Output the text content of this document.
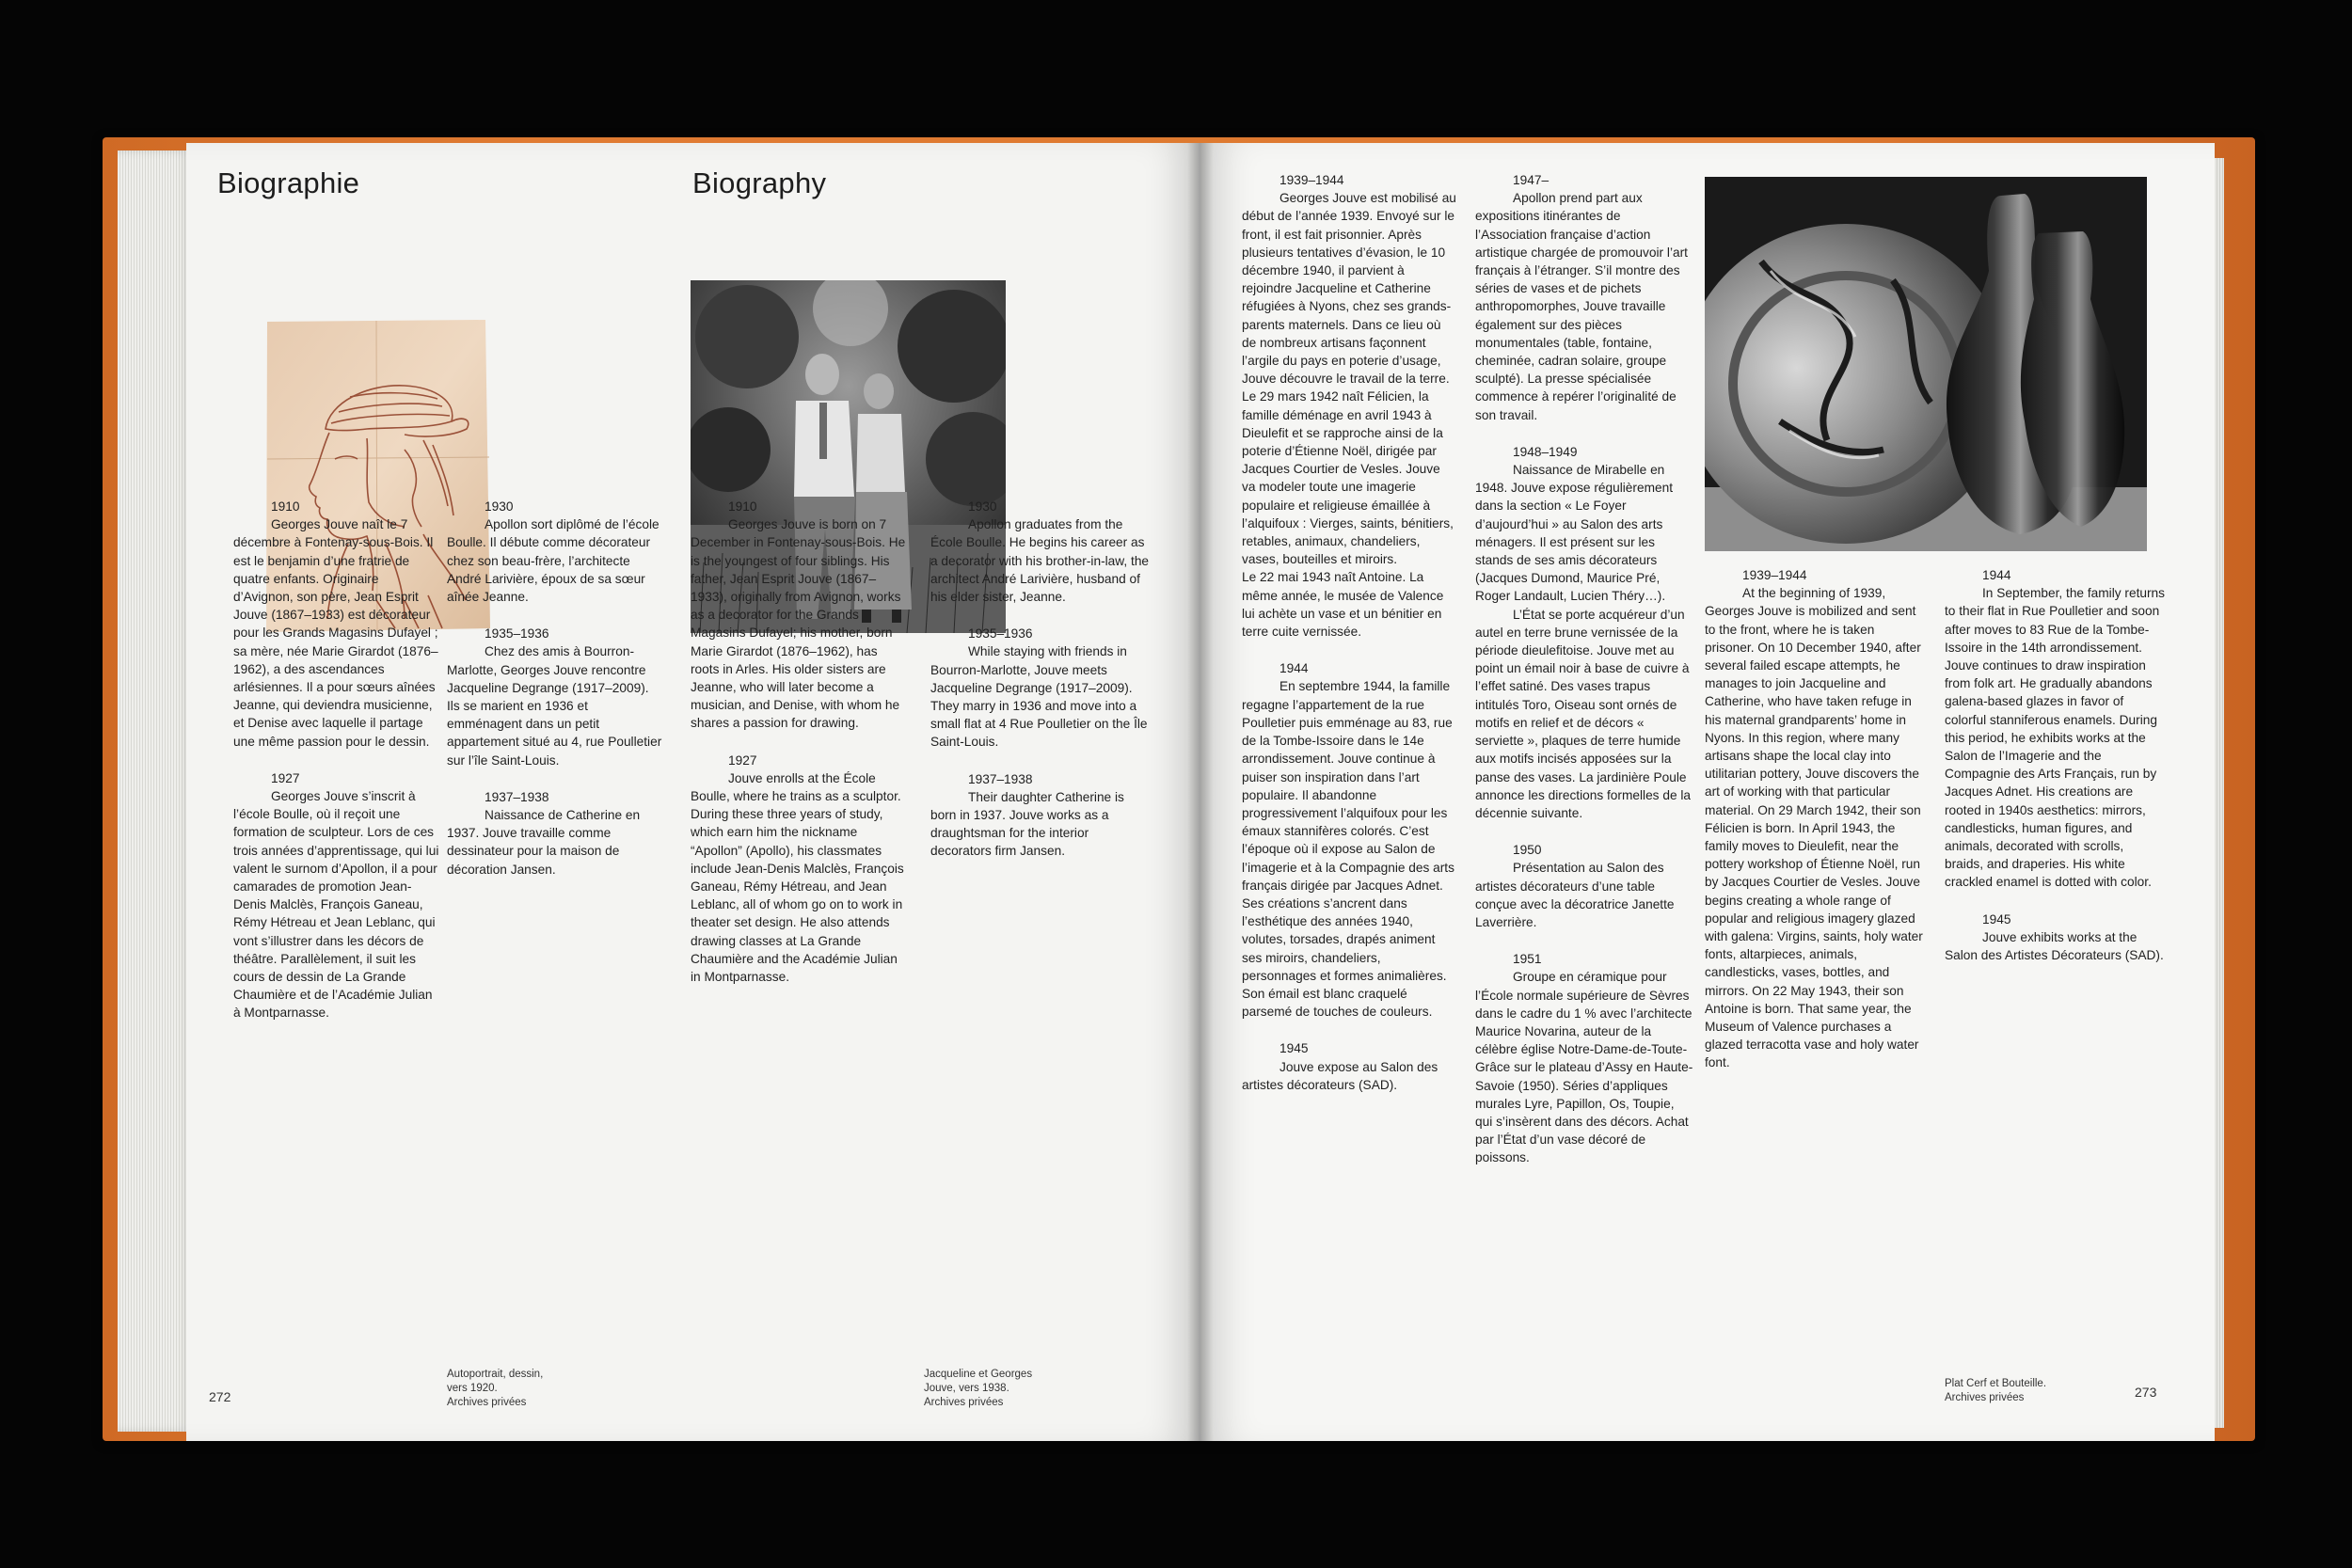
Biographie	Biography
1910

Georges Jouve naît le 7 décembre à Fontenay-sous-Bois. Il est le benjamin d’une fratrie de quatre enfants. Originaire d’Avignon, son père, Jean Esprit Jouve (1867–1933) est décorateur pour les Grands Magasins Dufayel ; sa mère, née Marie Girardot (1876–1962), a des ascendances arlésiennes. Il a pour sœurs aînées Jeanne, qui deviendra musicienne, et Denise avec laquelle il partage une même passion pour le dessin.

1927

Georges Jouve s’inscrit à l’école Boulle, où il reçoit une formation de sculpteur. Lors de ces trois années d’apprentissage, qui lui valent le surnom d’Apollon, il a pour camarades de promotion Jean-Denis Malclès, François Ganeau, Rémy Hétreau et Jean Leblanc, qui vont s’illustrer dans les décors de théâtre. Parallèlement, il suit les cours de dessin de La Grande Chaumière et de l’Académie Julian à Montparnasse.

1930

Apollon sort diplômé de l’école Boulle. Il débute comme décorateur chez son beau-frère, l’architecte André Larivière, époux de sa sœur aînée Jeanne.

1935–1936

Chez des amis à Bourron-Marlotte, Georges Jouve rencontre Jacqueline Degrange (1917–2009). Ils se marient en 1936 et emménagent dans un petit appartement situé au 4, rue Poulletier sur l’île Saint-Louis.

1937–1938

Naissance de Catherine en 1937. Jouve travaille comme dessinateur pour la maison de décoration Jansen.

1910

Georges Jouve is born on 7 December in Fontenay-sous-Bois. He is the youngest of four siblings. His father, Jean Esprit Jouve (1867–1933), originally from Avignon, works as a decorator for the Grands Magasins Dufayel; his mother, born Marie Girardot (1876–1962), has roots in Arles. His older sisters are Jeanne, who will later become a musician, and Denise, with whom he shares a passion for drawing.

1927

Jouve enrolls at the École Boulle, where he trains as a sculptor. During these three years of study, which earn him the nickname “Apollon” (Apollo), his classmates include Jean-Denis Malclès, François Ganeau, Rémy Hétreau, and Jean Leblanc, all of whom go on to work in theater set design. He also attends drawing classes at La Grande Chaumière and the Académie Julian in Montparnasse.

1930

Apollon graduates from the École Boulle. He begins his career as a decorator with his brother-in-law, the architect André Larivière, husband of his elder sister, Jeanne.

1935–1936

While staying with friends in Bourron-Marlotte, Jouve meets Jacqueline Degrange (1917–2009). They marry in 1936 and move into a small flat at 4 Rue Poulletier on the Île Saint-Louis.

1937–1938

Their daughter Catherine is born in 1937. Jouve works as a draughtsman for the interior decorators firm Jansen.

Autoportrait, dessin,
vers 1920.
Archives privées
Jacqueline et Georges
Jouve, vers 1938.
Archives privées
272
1939–1944

Georges Jouve est mobilisé au début de l’année 1939. Envoyé sur le front, il est fait prisonnier. Après plusieurs tentatives d’évasion, le 10 décembre 1940, il parvient à rejoindre Jacqueline et Catherine réfugiées à Nyons, chez ses grands-parents maternels. Dans ce lieu où de nombreux artisans façonnent l’argile du pays en poterie d’usage, Jouve découvre le travail de la terre. Le 29 mars 1942 naît Félicien, la famille déménage en avril 1943 à Dieulefit et se rapproche ainsi de la poterie d’Étienne Noël, dirigée par Jacques Courtier de Vesles. Jouve va modeler toute une imagerie populaire et religieuse émaillée à l’alquifoux : Vierges, saints, bénitiers, retables, animaux, chandeliers, vases, bouteilles et miroirs.

Le 22 mai 1943 naît Antoine. La même année, le musée de Valence lui achète un vase et un bénitier en terre cuite vernissée.

1944

En septembre 1944, la famille regagne l’appartement de la rue Poulletier puis emménage au 83, rue de la Tombe-Issoire dans le 14e arrondissement. Jouve continue à puiser son inspiration dans l’art populaire. Il abandonne progressivement l’alquifoux pour les émaux stannifères colorés. C’est l’époque où il expose au Salon de l’imagerie et à la Compagnie des arts français dirigée par Jacques Adnet. Ses créations s’ancrent dans l’esthétique des années 1940, volutes, torsades, drapés animent ses miroirs, chandeliers, personnages et formes animalières. Son émail est blanc craquelé parsemé de touches de couleurs.

1945

Jouve expose au Salon des artistes décorateurs (SAD).

1947–

Apollon prend part aux expositions itinérantes de l’Association française d’action artistique chargée de promouvoir l’art français à l’étranger. S’il montre des séries de vases et de pichets anthropomorphes, Jouve travaille également sur des pièces monumentales (table, fontaine, cheminée, cadran solaire, groupe sculpté). La presse spécialisée commence à repérer l’originalité de son travail.

1948–1949

Naissance de Mirabelle en 1948. Jouve expose régulièrement dans la section « Le Foyer d’aujourd’hui » au Salon des arts ménagers. Il est présent sur les stands de ses amis décorateurs (Jacques Dumond, Maurice Pré, Roger Landault, Lucien Théry…).

L’État se porte acquéreur d’un autel en terre brune vernissée de la période dieulefitoise. Jouve met au point un émail noir à base de cuivre à l’effet satiné. Des vases trapus intitulés Toro, Oiseau sont ornés de motifs en relief et de décors « serviette », plaques de terre humide aux motifs incisés apposées sur la panse des vases. La jardinière Poule annonce les directions formelles de la décennie suivante.

1950

Présentation au Salon des artistes décorateurs d’une table conçue avec la décoratrice Janette Laverrière.

1951

Groupe en céramique pour l’École normale supérieure de Sèvres dans le cadre du 1 % avec l’architecte Maurice Novarina, auteur de la célèbre église Notre-Dame-de-Toute-Grâce sur le plateau d’Assy en Haute-Savoie (1950). Séries d’appliques murales Lyre, Papillon, Os, Toupie, qui s’insèrent dans des décors. Achat par l’État d’un vase décoré de poissons.

1939–1944

At the beginning of 1939, Georges Jouve is mobilized and sent to the front, where he is taken prisoner. On 10 December 1940, after several failed escape attempts, he manages to join Jacqueline and Catherine, who have taken refuge in his maternal grandparents’ home in Nyons. In this region, where many artisans shape the local clay into utilitarian pottery, Jouve discovers the art of working with that particular material. On 29 March 1942, their son Félicien is born. In April 1943, the family moves to Dieulefit, near the pottery workshop of Étienne Noël, run by Jacques Courtier de Vesles. Jouve begins creating a whole range of popular and religious imagery glazed with galena: Virgins, saints, holy water fonts, altarpieces, animals, candlesticks, vases, bottles, and mirrors. On 22 May 1943, their son Antoine is born. That same year, the Museum of Valence purchases a glazed terracotta vase and holy water font.

1944

In September, the family returns to their flat in Rue Poulletier and soon after moves to 83 Rue de la Tombe-Issoire in the 14th arrondissement. Jouve continues to draw inspiration from folk art. He gradually abandons galena-based glazes in favor of colorful stanniferous enamels. During this period, he exhibits works at the Salon de l’Imagerie and the Compagnie des Arts Français, run by Jacques Adnet. His creations are rooted in 1940s aesthetics: mirrors, candlesticks, human figures, and animals, decorated with scrolls, braids, and draperies. His white crackled enamel is dotted with color.

1945

Jouve exhibits works at the Salon des Artistes Décorateurs (SAD).

Plat Cerf et Bouteille.
Archives privées	273
